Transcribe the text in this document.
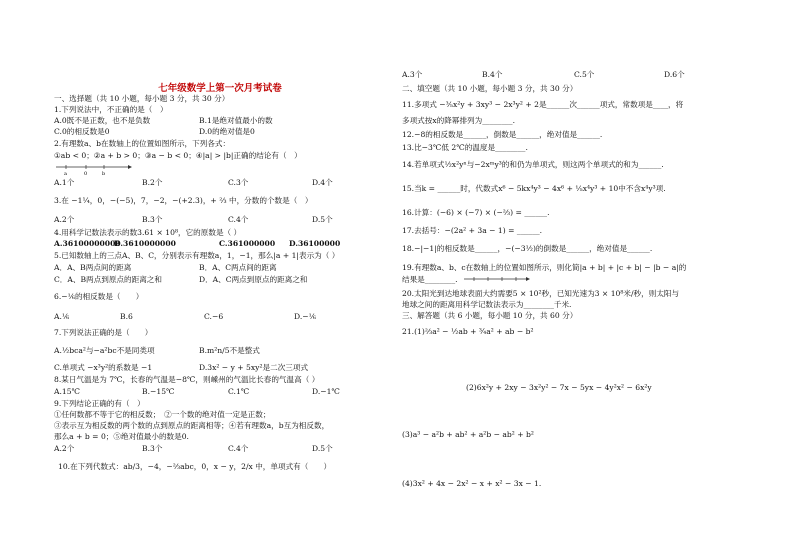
七年级数学上第一次月考试卷
一、选择题（共 10 小题，每小题 3 分，共 30 分）
1.下列说法中，不正确的是（　）
A.0既不是正数，也不是负数	B.1是绝对值最小的数
C.0的相反数是0	D.0的绝对值是0
2.有理数a、b在数轴上的位置如图所示，下列各式：
①ab < 0；②a + b > 0；③a − b < 0；④|a| > |b|正确的结论有（　）
a	0	b
A.1个	B.2个	C.3个	D.4个
3.在 −1¼，0，−(−5)，7，−2，−(+2.3)，+ ⅔ 中，分数的个数是（　）
A.2个	B.3个	C.4个	D.5个
4.用科学记数法表示的数3.61 × 10⁸，它的原数是（ ）
A.36100000000
B.3610000000	C.361000000 D.36100000
5.已知数轴上的三点A、B、C，分别表示有理数a，1，−1，那么|a + 1|表示为（ ）
A．A、B两点间的距离	B．A、C两点间的距离
C．A、B两点到原点的距离之和	D．A、C两点到原点的距离之和
6.−⅙的相反数是（　　）
A.⅙	B.6	C.−6	D.−⅙
7.下列说法正确的是（　　）
A.½bca²与−a²bc不是同类项	B.m²n/5不是整式
C.单项式 −x³y²的系数是 −1	D.3x² − y + 5xy²是二次三项式
8.某日气温是为 7℃，长春的气温是−8℃，则嵊州的气温比长春的气温高（ ）
A.15℃	B.−15℃	C.1℃	D.−1℃
9.下列结论正确的有（　）
①任何数都不等于它的相反数；　②一个数的绝对值一定是正数；
③表示互为相反数的两个数的点到原点的距离相等；④若有理数a，b互为相反数，
那么a + b = 0；⑤绝对值最小的数是0.
A.2个	B.3个	C.4个	D.5个
10.在下列代数式：ab/3，−4，−⅔abc，0，x − y，2/x 中，单项式有（　　）
A.3个	B.4个	C.5个	D.6个
二、填空题（共 10 小题，每小题 3 分，共 30 分）
11.多项式 −⅗x²y + 3xy³ − 2x³y² + 2是______次______项式，常数项是____，将
多项式按x的降幂排列为________.
12.−8的相反数是______，倒数是______，绝对值是______.
13.比−3℃低 2℃的温度是________.
14.若单项式½x²yⁿ与−2xᵐy³的和仍为单项式，则这两个单项式的和为______.
15.当k = ______时，代数式x⁶ − 5kx⁴y³ − 4x⁶ + ⅕x⁴y³ + 10中不含x⁴y³项.
16.计算：(−6) × (−7) × (−⅔) = ______.
17.去括号：−(2a² + 3a − 1) = ______.
18.−|−1|的相反数是______，−(−3½)的倒数是______，绝对值是______.
19.有理数a、b、c在数轴上的位置如图所示，则化简|a + b| + |c + b| − |b − a|的
结果是________.
20.太阳光到达地球表面大约需要5 × 10²秒，已知光速为3 × 10⁸米/秒，则太阳与
地球之间的距离用科学记数法表示为________千米.
三、解答题（共 6 小题，每小题 10 分，共 60 分）
21.(1)⅔a² − ½ab + ¾a² + ab − b²
(2)6x²y + 2xy − 3x²y² − 7x − 5yx − 4y²x² − 6x²y
(3)a³ − a²b + ab² + a²b − ab² + b²
(4)3x² + 4x − 2x² − x + x² − 3x − 1.
